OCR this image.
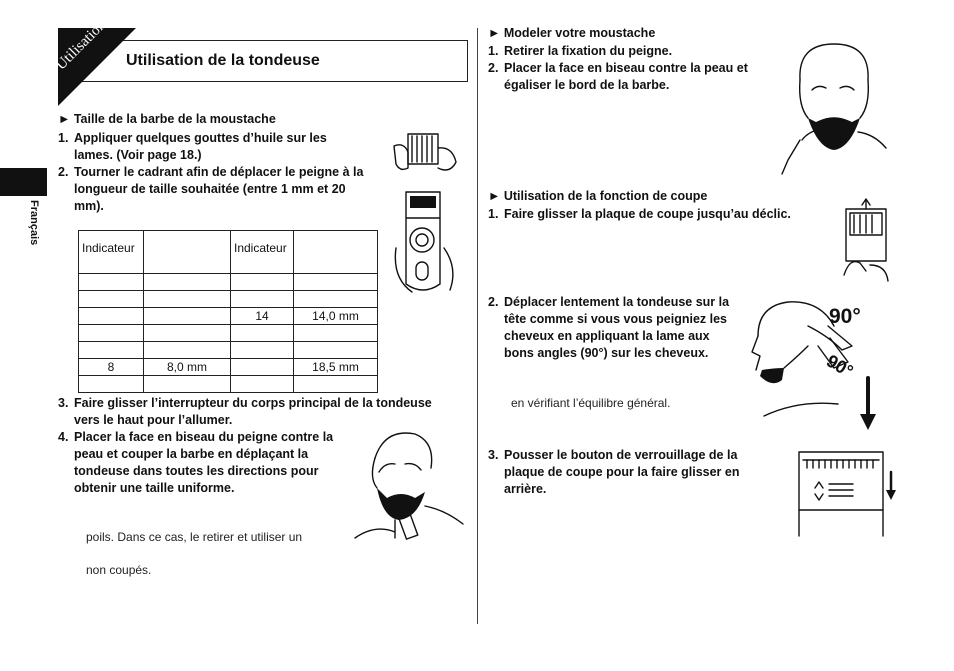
Utilisation Utilisation de la tondeuse
Français
► Taille de la barbe de la moustache
1. Appliquer quelques gouttes d’huile sur les lames. (Voir page 18.)
2. Tourner le cadrant afin de déplacer le peigne à la longueur de taille souhaitée (entre 1 mm et 20 mm).
Indicateur		Indicateur	

		14	14,0 mm

8	8,0 mm		18,5 mm

3. Faire glisser l’interrupteur du corps principal de la tondeuse vers le haut pour l’allumer.
4. Placer la face en biseau du peigne contre la peau et couper la barbe en déplaçant la tondeuse dans toutes les directions pour obtenir une taille uniforme.
poils. Dans ce cas, le retirer et utiliser un
non coupés.
► Modeler votre moustache
1. Retirer la fixation du peigne.
2. Placer la face en biseau contre la peau et égaliser le bord de la barbe.
► Utilisation de la fonction de coupe
1. Faire glisser la plaque de coupe jusqu’au déclic.
2. Déplacer lentement la tondeuse sur la tête comme si vous vous peigniez les cheveux en appliquant la lame aux bons angles (90°) sur les cheveux.
en vérifiant l’équilibre général.
90°
90°
3. Pousser le bouton de verrouillage de la plaque de coupe pour la faire glisser en arrière.
